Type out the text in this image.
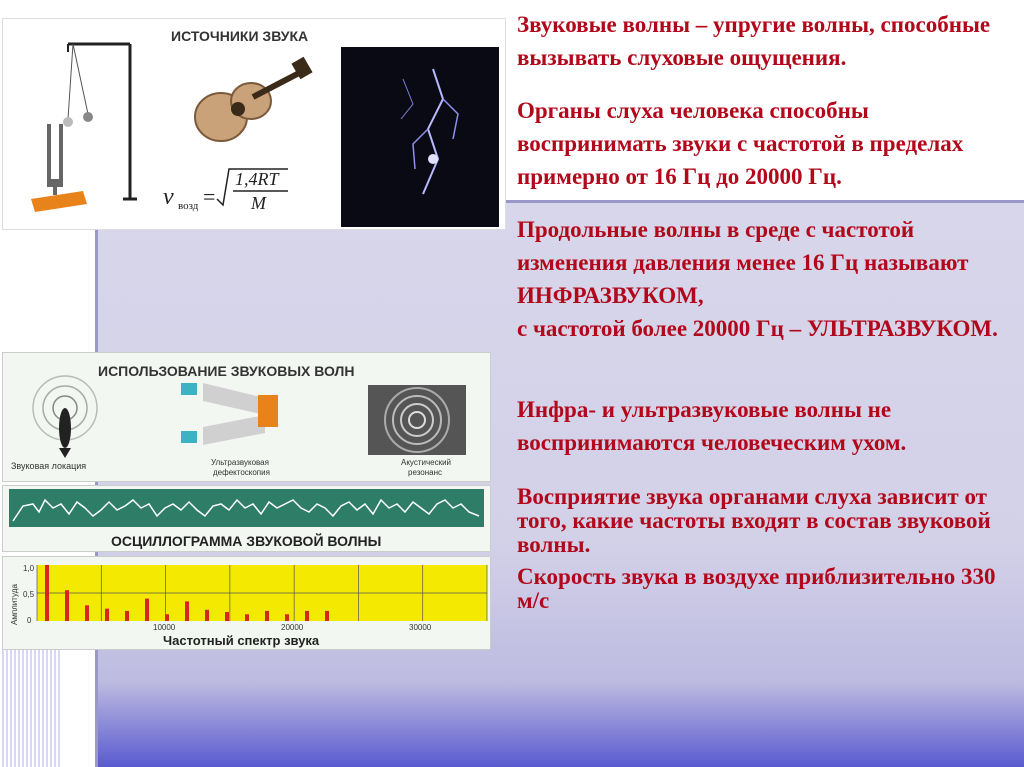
ИСТОЧНИКИ ЗВУКА
v возд =
1,4RT
M
ИСПОЛЬЗОВАНИЕ ЗВУКОВЫХ ВОЛН
Звуковая локация	Ультразвуковая
дефектоскопия
Акустический
резонанс
ОСЦИЛЛОГРАММА ЗВУКОВОЙ ВОЛНЫ
Амплитуда
1,0
0,5
0
10000	20000	30000
Частотный спектр звука

Звуковые волны – упругие волны, способные вызывать слуховые ощущения.

Органы слуха человека способны воспринимать звуки с частотой в пределах примерно от 16 Гц до 20000 Гц.

Продольные волны в среде с частотой изменения давления менее 16 Гц называют ИНФРАЗВУКОМ,

с частотой более 20000 Гц – УЛЬТРАЗВУКОМ.

Инфра- и ультразвуковые волны не воспринимаются человеческим ухом.

Восприятие звука органами слуха зависит от того, какие частоты входят в состав звуковой волны.

Скорость звука в воздухе приблизительно 330 м/с
